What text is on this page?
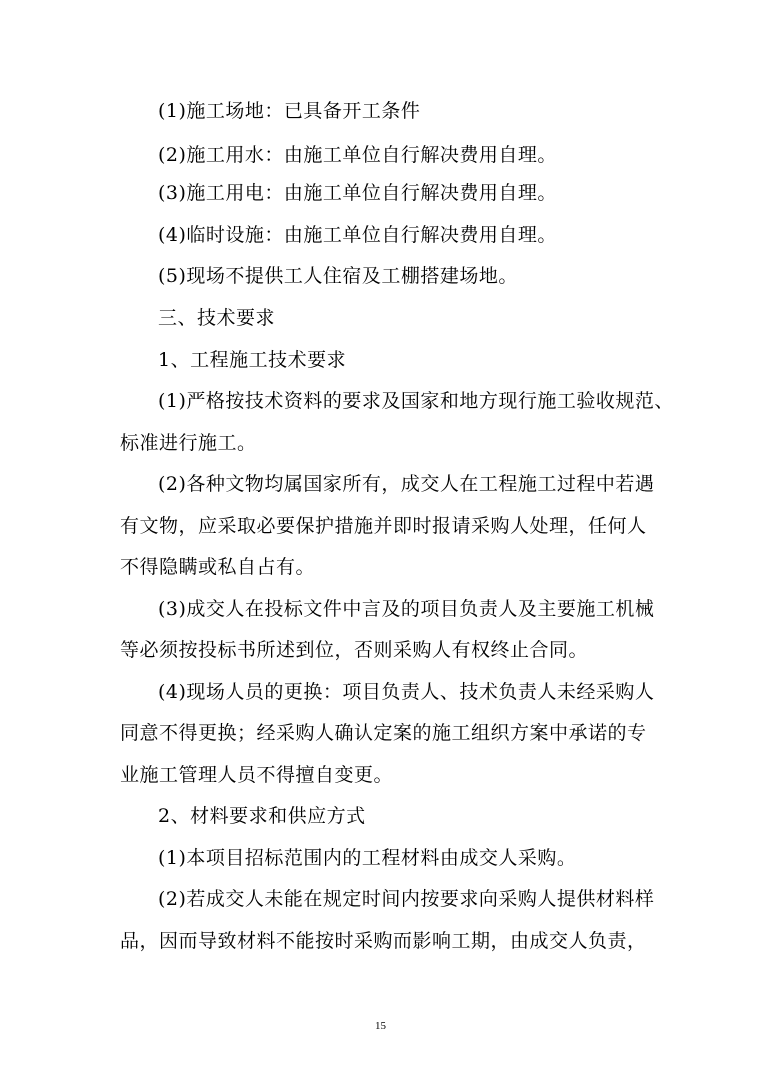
(1)施工场地：已具备开工条件
(2)施工用水：由施工单位自行解决费用自理。
(3)施工用电：由施工单位自行解决费用自理。
(4)临时设施：由施工单位自行解决费用自理。
(5)现场不提供工人住宿及工棚搭建场地。
三、技术要求
1、工程施工技术要求
(1)严格按技术资料的要求及国家和地方现行施工验收规范、
标准进行施工。
(2)各种文物均属国家所有，成交人在工程施工过程中若遇
有文物，应采取必要保护措施并即时报请采购人处理，任何人
不得隐瞒或私自占有。
(3)成交人在投标文件中言及的项目负责人及主要施工机械
等必须按投标书所述到位，否则采购人有权终止合同。
(4)现场人员的更换：项目负责人、技术负责人未经采购人
同意不得更换；经采购人确认定案的施工组织方案中承诺的专
业施工管理人员不得擅自变更。
2、材料要求和供应方式
(1)本项目招标范围内的工程材料由成交人采购。
(2)若成交人未能在规定时间内按要求向采购人提供材料样
品，因而导致材料不能按时采购而影响工期，由成交人负责，
15
